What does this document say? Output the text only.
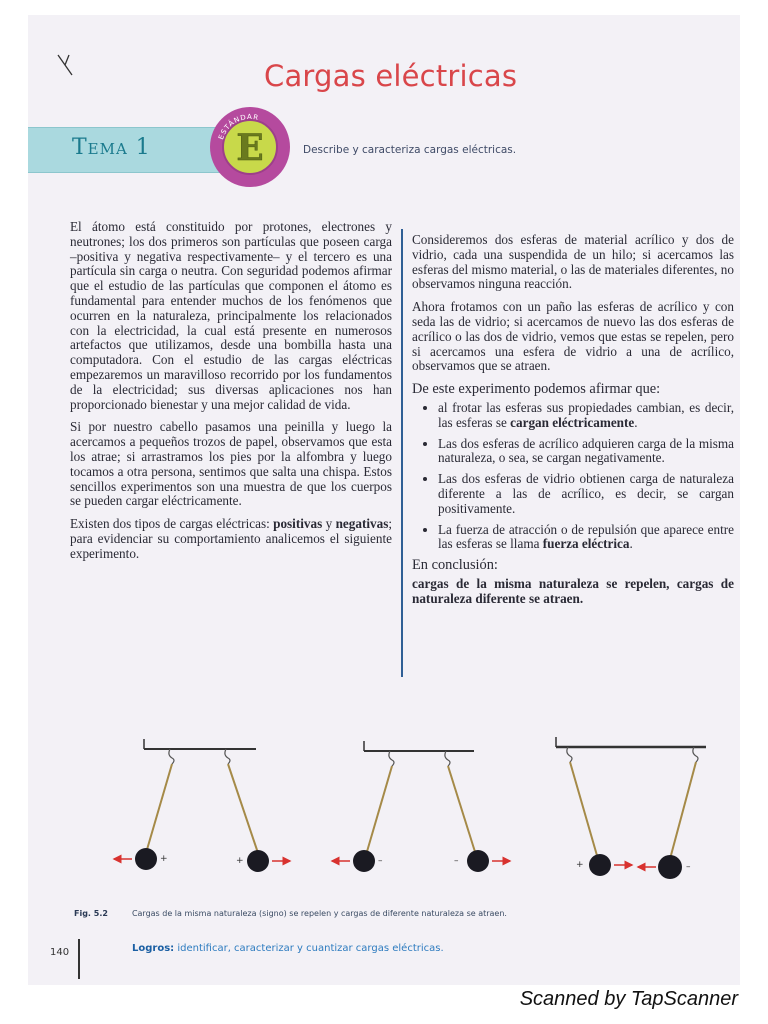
Cargas eléctricas
Tema 1	ESTÁNDAR
E	Describe y caracteriza cargas eléctricas.

El átomo está constituido por protones, electrones y neutrones; los dos primeros son partículas que poseen carga –positiva y negativa respectivamente– y el tercero es una partícula sin carga o neutra. Con seguridad podemos afirmar que el estudio de las partículas que componen el átomo es fundamental para entender muchos de los fenómenos que ocurren en la naturaleza, principalmente los relacionados con la electricidad, la cual está presente en numerosos artefactos que utilizamos, desde una bombilla hasta una computadora. Con el estudio de las cargas eléctricas empezaremos un maravilloso recorrido por los fundamentos de la electricidad; sus diversas aplicaciones nos han proporcionado bienestar y una mejor calidad de vida.

Si por nuestro cabello pasamos una peinilla y luego la acercamos a pequeños trozos de papel, observamos que esta los atrae; si arrastramos los pies por la alfombra y luego tocamos a otra persona, sentimos que salta una chispa. Estos sencillos experimentos son una muestra de que los cuerpos se pueden cargar eléctricamente.

Existen dos tipos de cargas eléctricas: positivas y negativas; para evidenciar su comportamiento analicemos el siguiente experimento.

Consideremos dos esferas de material acrílico y dos de vidrio, cada una suspendida de un hilo; si acercamos las esferas del mismo material, o las de materiales diferentes, no observamos ninguna reacción.

Ahora frotamos con un paño las esferas de acrílico y con seda las de vidrio; si acercamos de nuevo las dos esferas de acrílico o las dos de vidrio, vemos que estas se repelen, pero si acercamos una esfera de vidrio a una de acrílico, observamos que se atraen.

De este experimento podemos afirmar que:

• al frotar las esferas sus propiedades cambian, es decir, las esferas se cargan eléctricamente.
• Las dos esferas de acrílico adquieren carga de la misma naturaleza, o sea, se cargan negativamente.
• Las dos esferas de vidrio obtienen carga de naturaleza diferente a las de acrílico, es decir, se cargan positivamente.
• La fuerza de atracción o de repulsión que aparece entre las esferas se llama fuerza eléctrica.

En conclusión:

cargas de la misma naturaleza se repelen, cargas de naturaleza diferente se atraen.

+	+	–	–	+	–
Fig. 5.2	Cargas de la misma naturaleza (signo) se repelen y cargas de diferente naturaleza se atraen.
140	Logros: identificar, caracterizar y cuantizar cargas eléctricas.
Scanned by TapScanner
